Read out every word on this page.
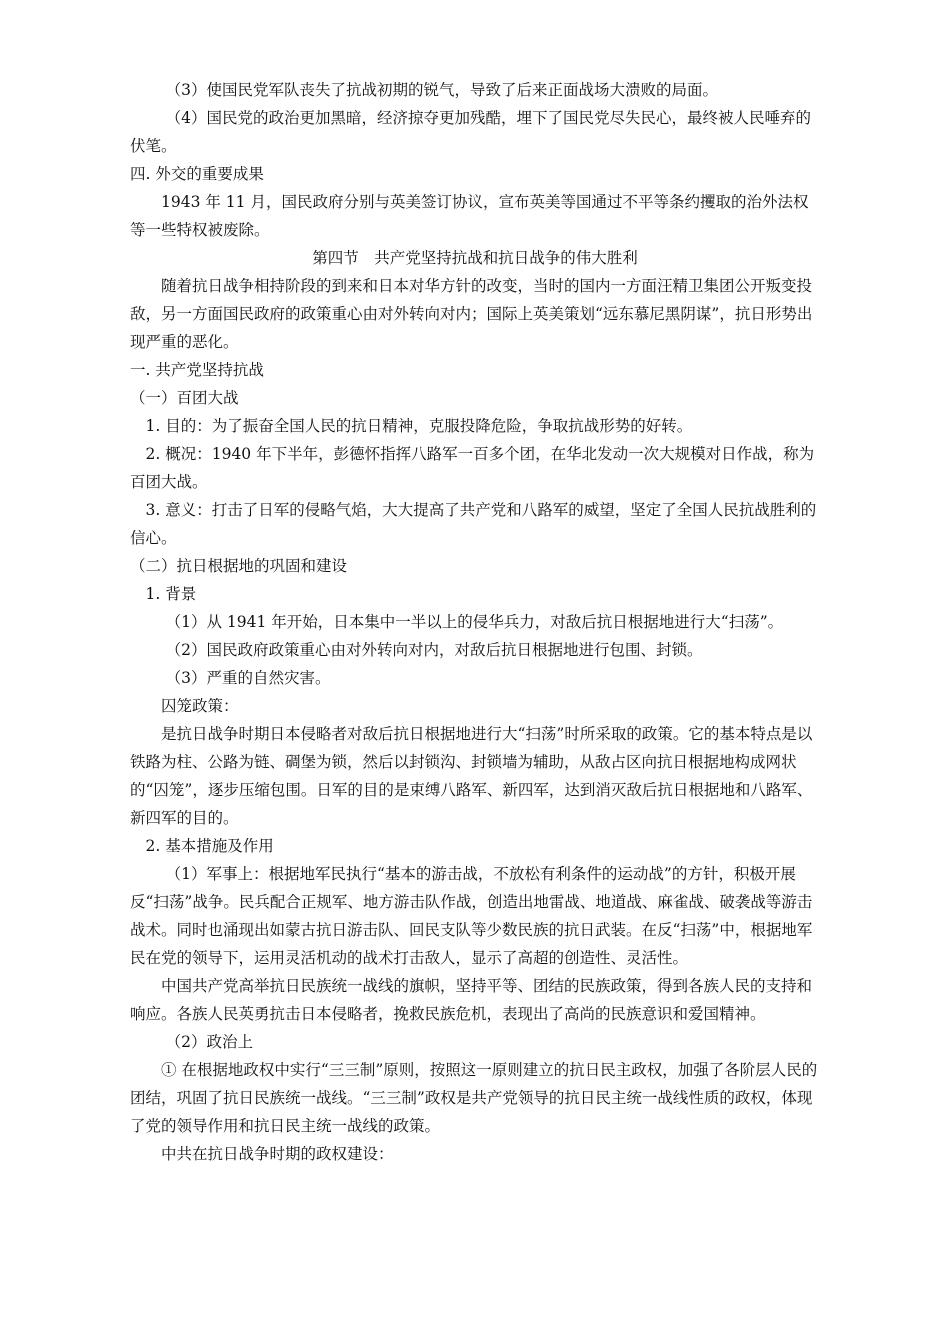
（3）使国民党军队丧失了抗战初期的锐气，导致了后来正面战场大溃败的局面。

（4）国民党的政治更加黑暗，经济掠夺更加残酷，埋下了国民党尽失民心，最终被人民唾弃的伏笔。

四. 外交的重要成果

1943 年 11 月，国民政府分别与英美签订协议，宣布英美等国通过不平等条约攫取的治外法权等一些特权被废除。

第四节　共产党坚持抗战和抗日战争的伟大胜利

随着抗日战争相持阶段的到来和日本对华方针的改变，当时的国内一方面汪精卫集团公开叛变投敌，另一方面国民政府的政策重心由对外转向对内；国际上英美策划“远东慕尼黑阴谋”，抗日形势出现严重的恶化。

一. 共产党坚持抗战

（一）百团大战

1. 目的：为了振奋全国人民的抗日精神，克服投降危险，争取抗战形势的好转。

2. 概况：1940 年下半年，彭德怀指挥八路军一百多个团，在华北发动一次大规模对日作战，称为百团大战。

3. 意义：打击了日军的侵略气焰，大大提高了共产党和八路军的威望，坚定了全国人民抗战胜利的信心。

（二）抗日根据地的巩固和建设

1. 背景

（1）从 1941 年开始，日本集中一半以上的侵华兵力，对敌后抗日根据地进行大“扫荡”。

（2）国民政府政策重心由对外转向对内，对敌后抗日根据地进行包围、封锁。

（3）严重的自然灾害。

囚笼政策：

是抗日战争时期日本侵略者对敌后抗日根据地进行大“扫荡”时所采取的政策。它的基本特点是以铁路为柱、公路为链、碉堡为锁，然后以封锁沟、封锁墙为辅助，从敌占区向抗日根据地构成网状的“囚笼”，逐步压缩包围。日军的目的是束缚八路军、新四军，达到消灭敌后抗日根据地和八路军、新四军的目的。

2. 基本措施及作用

（1）军事上：根据地军民执行“基本的游击战，不放松有利条件的运动战”的方针，积极开展反“扫荡”战争。民兵配合正规军、地方游击队作战，创造出地雷战、地道战、麻雀战、破袭战等游击战术。同时也涌现出如蒙古抗日游击队、回民支队等少数民族的抗日武装。在反“扫荡”中，根据地军民在党的领导下，运用灵活机动的战术打击敌人，显示了高超的创造性、灵活性。

中国共产党高举抗日民族统一战线的旗帜，坚持平等、团结的民族政策，得到各族人民的支持和响应。各族人民英勇抗击日本侵略者，挽救民族危机，表现出了高尚的民族意识和爱国精神。

（2）政治上

① 在根据地政权中实行“三三制”原则，按照这一原则建立的抗日民主政权，加强了各阶层人民的团结，巩固了抗日民族统一战线。“三三制”政权是共产党领导的抗日民主统一战线性质的政权，体现了党的领导作用和抗日民主统一战线的政策。

中共在抗日战争时期的政权建设：
